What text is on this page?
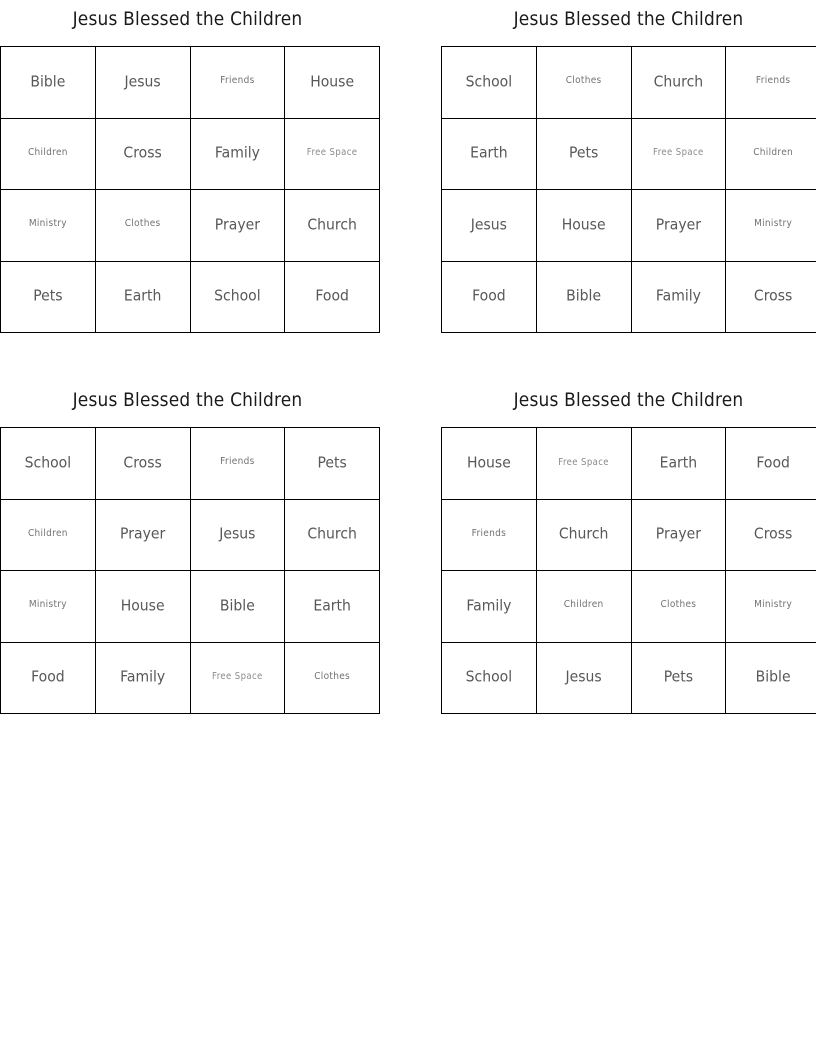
Jesus Blessed the Children
Bible	Jesus	Friends	House

Children	Cross	Family	Free Space

Ministry	Clothes	Prayer	Church

Pets	Earth	School	Food
Jesus Blessed the Children
School	Clothes	Church	Friends

Earth	Pets	Free Space	Children

Jesus	House	Prayer	Ministry

Food	Bible	Family	Cross
Jesus Blessed the Children
School	Cross	Friends	Pets

Children	Prayer	Jesus	Church

Ministry	House	Bible	Earth

Food	Family	Free Space	Clothes
Jesus Blessed the Children
House	Free Space	Earth	Food

Friends	Church	Prayer	Cross

Family	Children	Clothes	Ministry

School	Jesus	Pets	Bible
